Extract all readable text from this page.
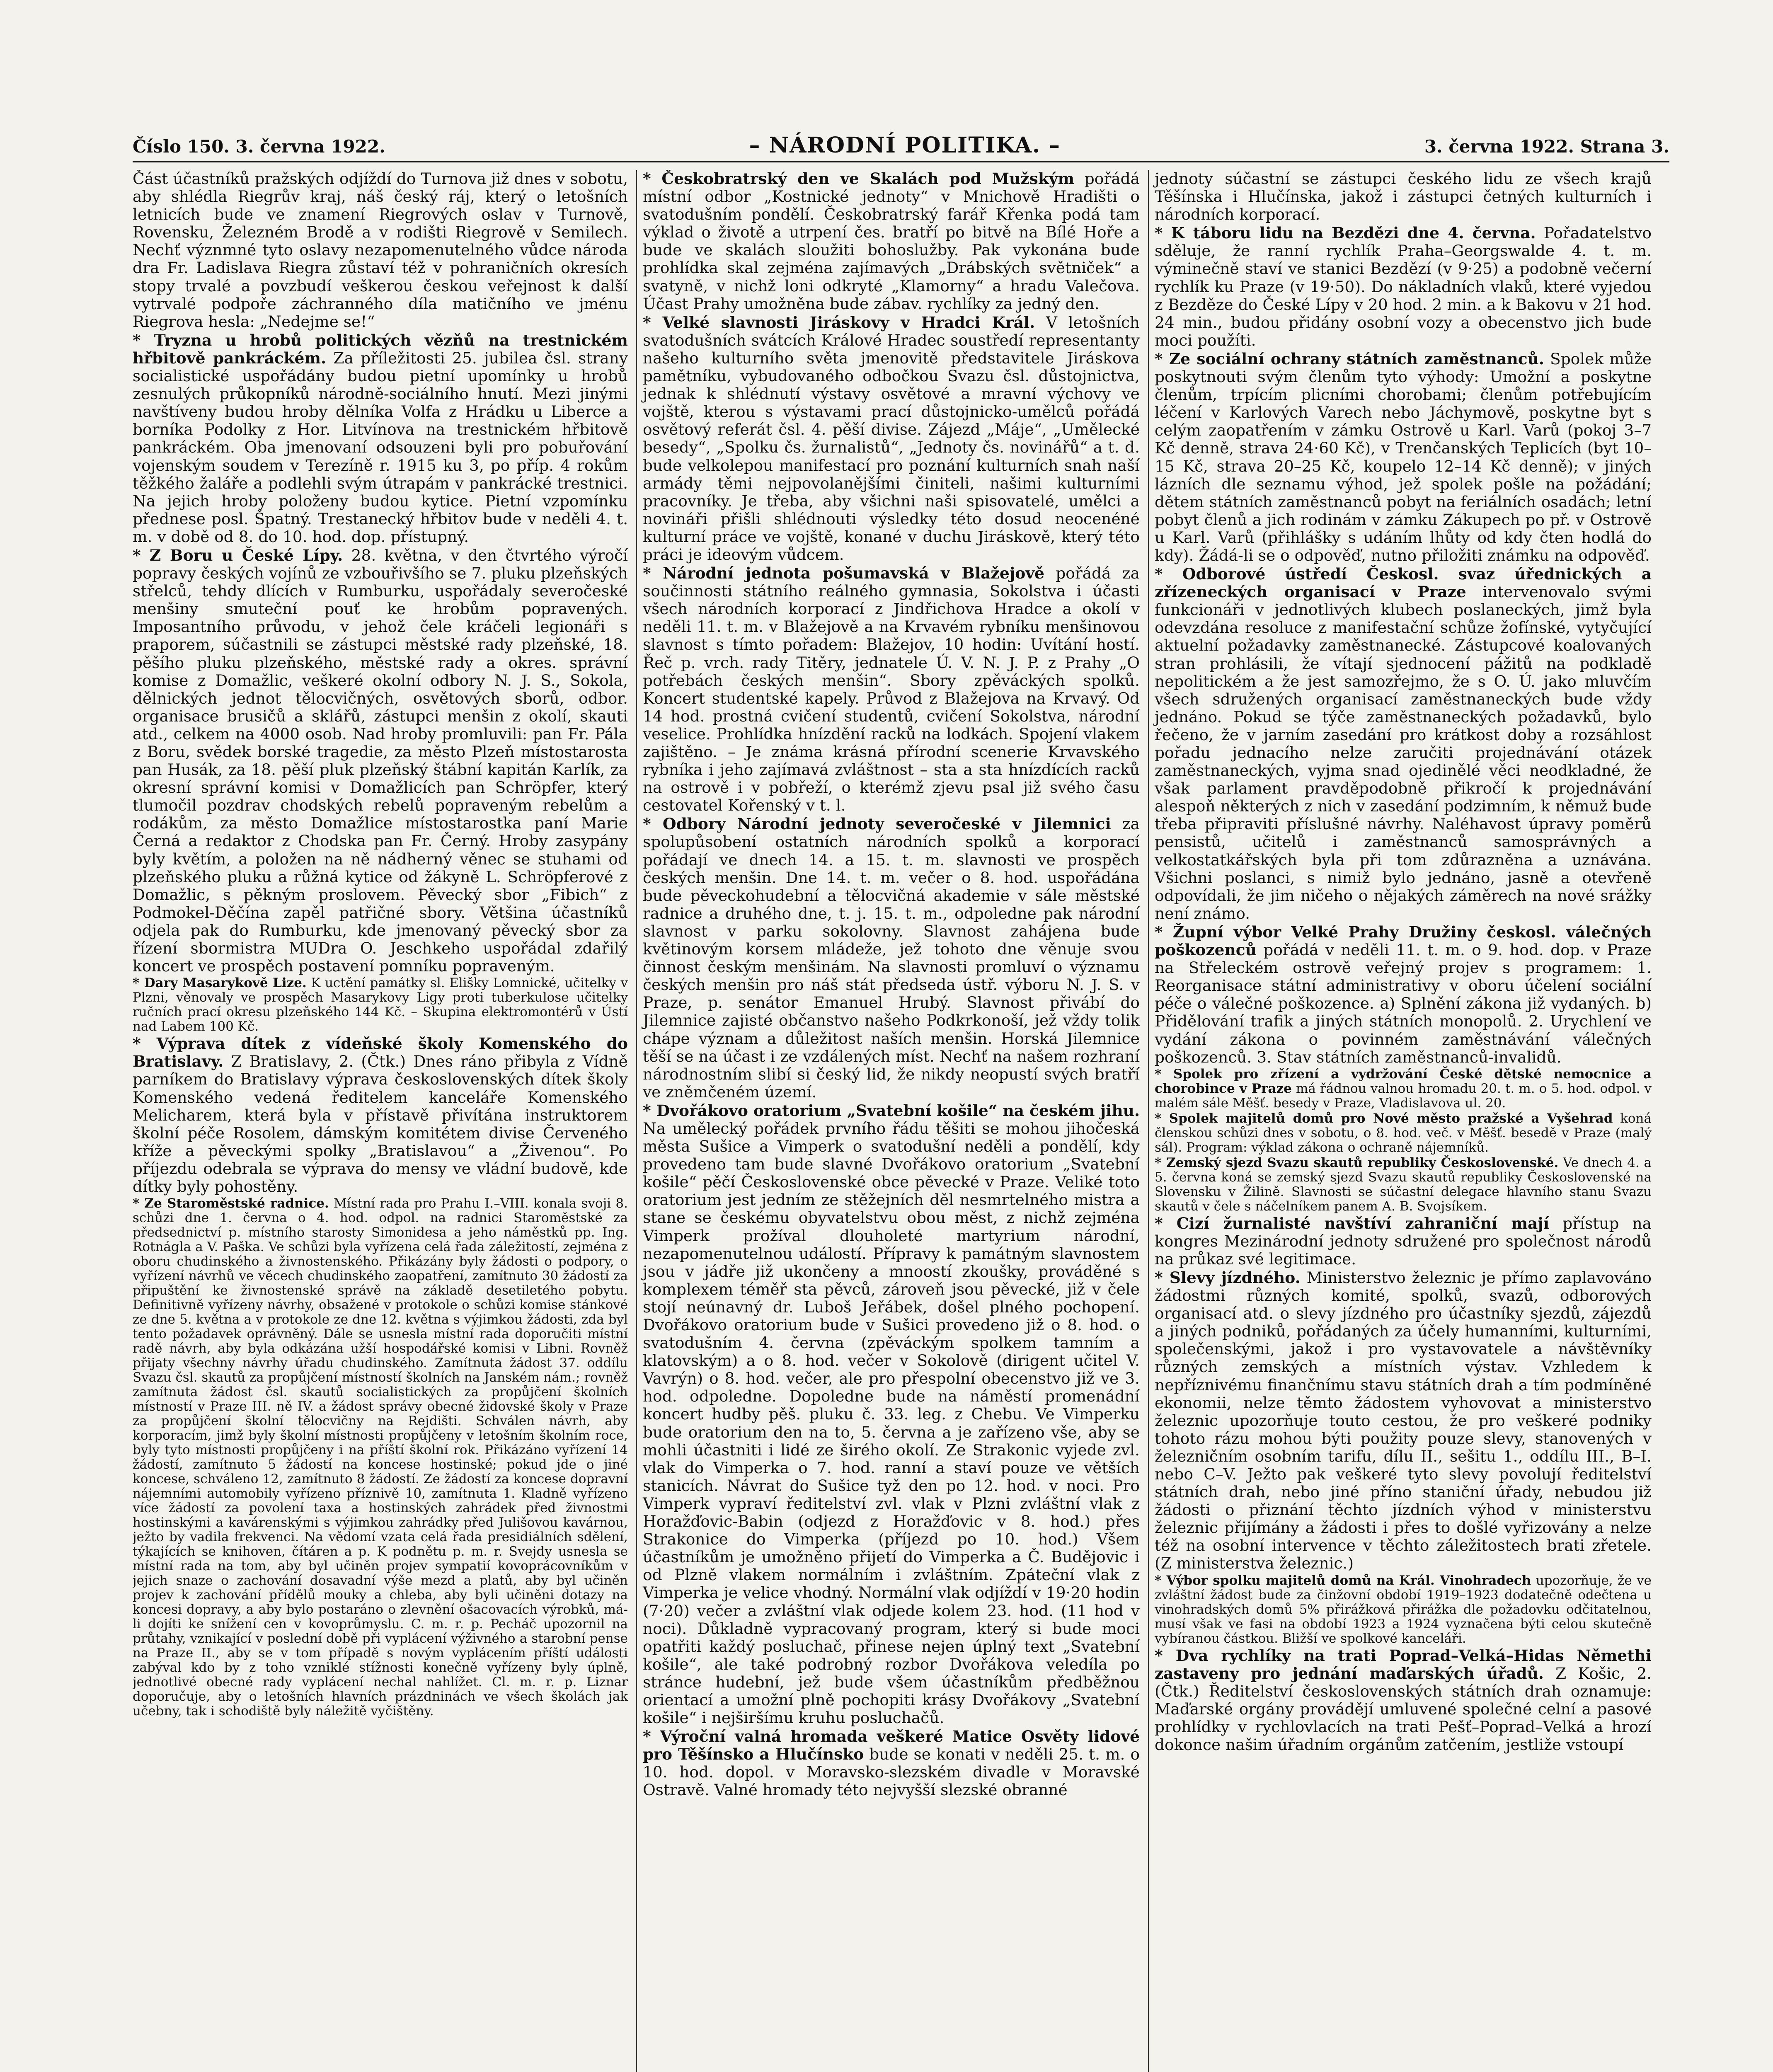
Číslo 150. 3. června 1922.	– NÁRODNÍ POLITIKA. –	3. června 1922. Strana 3.

Část účastníků pražských odjíždí do Turnova již dnes v sobotu, aby shlédla Riegrův kraj, náš český ráj, který o letošních letnicích bude ve znamení Riegrových oslav v Turnově, Rovensku, Železném Brodě a v rodišti Riegrově v Semilech. Nechť význmné tyto oslavy nezapomenutelného vůdce národa dra Fr. Ladislava Riegra zůstaví též v pohraničních okresích stopy trvalé a povzbudí veškerou českou veřejnost k další vytrvalé podpoře záchranného díla matičního ve jménu Riegrova hesla: „Nedejme se!“

* Tryzna u hrobů politických vězňů na trestnickém hřbitově pankráckém. Za příležitosti 25. jubilea čsl. strany socialistické uspořádány budou pietní upomínky u hrobů zesnulých průkopníků národně-sociálního hnutí. Mezi jinými navštíveny budou hroby dělníka Volfa z Hrádku u Liberce a borníka Podolky z Hor. Litvínova na trestnickém hřbitově pankráckém. Oba jmenovaní odsouzeni byli pro pobuřování vojenským soudem v Terezíně r. 1915 ku 3, po příp. 4 rokům těžkého žaláře a podlehli svým útrapám v pankrácké trestnici. Na jejich hroby položeny budou kytice. Pietní vzpomínku přednese posl. Špatný. Trestanecký hřbitov bude v neděli 4. t. m. v době od 8. do 10. hod. dop. přístupný.

* Z Boru u České Lípy. 28. května, v den čtvrtého výročí popravy českých vojínů ze vzbouřivšího se 7. pluku plzeňských střelců, tehdy dlících v Rumburku, uspořádaly severočeské menšiny smuteční pouť ke hrobům popravených. Imposantního průvodu, v jehož čele kráčeli legionáři s praporem, súčastnili se zástupci městské rady plzeňské, 18. pěšího pluku plzeňského, městské rady a okres. správní komise z Domažlic, veškeré okolní odbory N. J. S., Sokola, dělnických jednot tělocvičných, osvětových sborů, odbor. organisace brusičů a sklářů, zástupci menšin z okolí, skauti atd., celkem na 4000 osob. Nad hroby promluvili: pan Fr. Pála z Boru, svědek borské tragedie, za město Plzeň místostarosta pan Husák, za 18. pěší pluk plzeňský štábní kapitán Karlík, za okresní správní komisi v Domažlicích pan Schröpfer, který tlumočil pozdrav chodských rebelů popraveným rebelům a rodákům, za město Domažlice místostarostka paní Marie Černá a redaktor z Chodska pan Fr. Černý. Hroby zasypány byly květím, a položen na ně nádherný věnec se stuhami od plzeňského pluku a růžná kytice od žákyně L. Schröpferové z Domažlic, s pěkným proslovem. Pěvecký sbor „Fibich“ z Podmokel-Děčína zapěl patřičné sbory. Většina účastníků odjela pak do Rumburku, kde jmenovaný pěvecký sbor za řízení sbormistra MUDra O. Jeschkeho uspořádal zdařilý koncert ve prospěch postavení pomníku popraveným.

* Dary Masarykově Lize. K uctění památky sl. Elišky Lomnické, učitelky v Plzni, věnovaly ve prospěch Masarykovy Ligy proti tuberkulose učitelky ručních prací okresu plzeňského 144 Kč. – Skupina elektromontérů v Ústí nad Labem 100 Kč.

* Výprava dítek z vídeňské školy Komenského do Bratislavy. Z Bratislavy, 2. (Čtk.) Dnes ráno přibyla z Vídně parníkem do Bratislavy výprava československých dítek školy Komenského vedená ředitelem kanceláře Komenského Melicharem, která byla v přístavě přivítána instruktorem školní péče Rosolem, dámským komitétem divise Červeného kříže a pěveckými spolky „Bratislavou“ a „Živenou“. Po příjezdu odebrala se výprava do mensy ve vládní budově, kde dítky byly pohostěny.

* Ze Staroměstské radnice. Místní rada pro Prahu I.–VIII. konala svoji 8. schůzi dne 1. června o 4. hod. odpol. na radnici Staroměstské za předsednictví p. místního starosty Simonidesa a jeho náměstků pp. Ing. Rotnágla a V. Paška. Ve schůzi byla vyřízena celá řada záležitostí, zejména z oboru chudinského a živnostenského. Přikázány byly žádosti o podpory, o vyřízení návrhů ve věcech chudinského zaopatření, zamítnuto 30 žádostí za připuštění ke živnostenské správě na základě desetiletého pobytu. Definitivně vyřízeny návrhy, obsažené v protokole o schůzi komise stánkové ze dne 5. května a v protokole ze dne 12. května s výjimkou žádosti, zda byl tento požadavek oprávněný. Dále se usnesla místní rada doporučiti místní radě návrh, aby byla odkázána užší hospodářské komisi v Libni. Rovněž přijaty všechny návrhy úřadu chudinského. Zamítnuta žádost 37. oddílu Svazu čsl. skautů za propůjčení místností školních na Janském nám.; rovněž zamítnuta žádost čsl. skautů socialistických za propůjčení školních místností v Praze III. ně IV. a žádost správy obecné židovské školy v Praze za propůjčení školní tělocvičny na Rejdišti. Schválen návrh, aby korporacím, jimž byly školní místnosti propůjčeny v letošním školním roce, byly tyto místnosti propůjčeny i na příští školní rok. Přikázáno vyřízení 14 žádostí, zamítnuto 5 žádostí na koncese hostinské; pokud jde o jiné koncese, schváleno 12, zamítnuto 8 žádostí. Ze žádostí za koncese dopravní nájemními automobily vyřízeno příznivě 10, zamítnuta 1. Kladně vyřízeno více žádostí za povolení taxa a hostinských zahrádek před živnostmi hostinskými a kavárenskými s výjimkou zahrádky před Julišovou kavárnou, ježto by vadila frekvenci. Na vědomí vzata celá řada presidiálních sdělení, týkajících se knihoven, čítáren a p. K podnětu p. m. r. Svejdy usnesla se místní rada na tom, aby byl učiněn projev sympatií kovoprácovníkům v jejich snaze o zachování dosavadní výše mezd a platů, aby byl učiněn projev k zachování přídělů mouky a chleba, aby byli učiněni dotazy na koncesi dopravy, a aby bylo postaráno o zlevnění ošacovacích výrobků, má-li dojíti ke snížení cen v kovoprůmyslu. C. m. r. p. Pecháč upozornil na průtahy, vznikající v poslední době při vyplácení výživného a starobní pense na Praze II., aby se v tom případě s novým vyplácením příští události zabýval kdo by z toho vzniklé stížnosti konečně vyřízeny byly úplně, jednotlivé obecné rady vyplácení nechal nahlížet. Cl. m. r. p. Liznar doporučuje, aby o letošních hlavních prázdninách ve všech školách jak učebny, tak i schodiště byly náležitě vyčištěny.

* Českobratrský den ve Skalách pod Mužským pořádá místní odbor „Kostnické jednoty“ v Mnichově Hradišti o svatodušním pondělí. Českobratrský farář Křenka podá tam výklad o životě a utrpení čes. bratří po bitvě na Bílé Hoře a bude ve skalách sloužiti bohoslužby. Pak vykonána bude prohlídka skal zejména zajímavých „Drábských světniček“ a svatyně, v nichž loni odkryté „Klamorny“ a hradu Valečova. Účast Prahy umožněna bude zábav. rychlíky za jedný den.

* Velké slavnosti Jiráskovy v Hradci Král. V letošních svatodušních svátcích Králové Hradec soustředí representanty našeho kulturního světa jmenovitě představitele Jiráskova pamětníku, vybudovaného odbočkou Svazu čsl. důstojnictva, jednak k shlédnutí výstavy osvětové a mravní výchovy ve vojště, kterou s výstavami prací důstojnicko-umělců pořádá osvětový referát čsl. 4. pěší divise. Zájezd „Máje“, „Umělecké besedy“, „Spolku čs. žurnalistů“, „Jednoty čs. novinářů“ a t. d. bude velkolepou manifestací pro poznání kulturních snah naší armády těmi nejpovolanějšími činiteli, našimi kulturními pracovníky. Je třeba, aby všichni naši spisovatelé, umělci a novináři přišli shlédnouti výsledky této dosud neocenéné kulturní práce ve vojště, konané v duchu Jiráskově, který této práci je ideovým vůdcem.

* Národní jednota pošumavská v Blažejově pořádá za součinnosti státního reálného gymnasia, Sokolstva i účasti všech národních korporací z Jindřichova Hradce a okolí v neděli 11. t. m. v Blažejově a na Krvavém rybníku menšinovou slavnost s tímto pořadem: Blažejov, 10 hodin: Uvítání hostí. Řeč p. vrch. rady Titěry, jednatele Ú. V. N. J. P. z Prahy „O potřebách českých menšin“. Sbory zpěváckých spolků. Koncert studentské kapely. Průvod z Blažejova na Krvavý. Od 14 hod. prostná cvičení studentů, cvičení Sokolstva, národní veselice. Prohlídka hnízdění racků na lodkách. Spojení vlakem zajištěno. – Je známa krásná přírodní scenerie Krvavského rybníka i jeho zajímavá zvláštnost – sta a sta hnízdících racků na ostrově i v pobřeží, o kterémž zjevu psal již svého času cestovatel Kořenský v t. l.

* Odbory Národní jednoty severočeské v Jilemnici za spolupůsobení ostatních národních spolků a korporací pořádají ve dnech 14. a 15. t. m. slavnosti ve prospěch českých menšin. Dne 14. t. m. večer o 8. hod. uspořádána bude pěveckohudební a tělocvičná akademie v sále městské radnice a druhého dne, t. j. 15. t. m., odpoledne pak národní slavnost v parku sokolovny. Slavnost zahájena bude květinovým korsem mládeže, jež tohoto dne věnuje svou činnost českým menšinám. Na slavnosti promluví o významu českých menšin pro náš stát předseda ústř. výboru N. J. S. v Praze, p. senátor Emanuel Hrubý. Slavnost přivábí do Jilemnice zajisté občanstvo našeho Podkrkonoší, jež vždy tolik chápe význam a důležitost naších menšin. Horská Jilemnice těší se na účast i ze vzdálených míst. Nechť na našem rozhraní národnostním slibí si český lid, že nikdy neopustí svých bratří ve zněmčeném území.

* Dvořákovo oratorium „Svatební košile“ na českém jihu. Na umělecký pořádek prvního řádu těšiti se mohou jihočeská města Sušice a Vimperk o svatodušní neděli a pondělí, kdy provedeno tam bude slavné Dvořákovo oratorium „Svatební košile“ pěčí Československé obce pěvecké v Praze. Veliké toto oratorium jest jedním ze stěžejních děl nesmrtelného mistra a stane se českému obyvatelstvu obou měst, z nichž zejména Vimperk prožíval dlouholeté martyrium národní, nezapomenutelnou událostí. Přípravy k památným slavnostem jsou v jádře již ukončeny a mnoostí zkoušky, prováděné s komplexem téměř sta pěvců, zároveň jsou pěvecké, již v čele stojí neúnavný dr. Luboš Jeřábek, došel plného pochopení. Dvořákovo oratorium bude v Sušici provedeno již o 8. hod. o svatodušním 4. června (zpěváckým spolkem tamním a klatovským) a o 8. hod. večer v Sokolově (dirigent učitel V. Vavrýn) o 8. hod. večer, ale pro přespolní obecenstvo již ve 3. hod. odpoledne. Dopoledne bude na náměstí promenádní koncert hudby pěš. pluku č. 33. leg. z Chebu. Ve Vimperku bude oratorium den na to, 5. června a je zařízeno vše, aby se mohli účastniti i lidé ze širého okolí. Ze Strakonic vyjede zvl. vlak do Vimperka o 7. hod. ranní a staví pouze ve větších stanicích. Návrat do Sušice tyž den po 12. hod. v noci. Pro Vimperk vypraví ředitelství zvl. vlak v Plzni zvláštní vlak z Horažďovic-Babin (odjezd z Horažďovic v 8. hod.) přes Strakonice do Vimperka (příjezd po 10. hod.) Všem účastníkům je umožněno přijetí do Vimperka a Č. Budějovic i od Plzně vlakem normálním i zvláštním. Zpáteční vlak z Vimperka je velice vhodný. Normální vlak odjíždí v 19·20 hodin (7·20) večer a zvláštní vlak odjede kolem 23. hod. (11 hod v noci). Důkladně vypracovaný program, který si bude moci opatřiti každý posluchač, přinese nejen úplný text „Svatební košile“, ale také podrobný rozbor Dvořákova veledíla po stránce hudební, jež bude všem účastníkům předběžnou orientací a umožní plně pochopiti krásy Dvořákovy „Svatební košile“ i nejširšímu kruhu posluchačů.

* Výroční valná hromada veškeré Matice Osvěty lidové pro Těšínsko a Hlučínsko bude se konati v neděli 25. t. m. o 10. hod. dopol. v Moravsko-slezském divadle v Moravské Ostravě. Valné hromady této nejvyšší slezské obranné

jednoty súčastní se zástupci českého lidu ze všech krajů Těšínska i Hlučínska, jakož i zástupci četných kulturních i národních korporací.

* K táboru lidu na Bezdězi dne 4. června. Pořadatelstvo sděluje, že ranní rychlík Praha–Georgswalde 4. t. m. výminečně staví ve stanici Bezdězí (v 9·25) a podobně večerní rychlík ku Praze (v 19·50). Do nákladních vlaků, které vyjedou z Bezděze do České Lípy v 20 hod. 2 min. a k Bakovu v 21 hod. 24 min., budou přidány osobní vozy a obecenstvo jich bude moci použíti.

* Ze sociální ochrany státních zaměstnanců. Spolek může poskytnouti svým členům tyto výhody: Umožní a poskytne členům, trpícím plicními chorobami; členům potřebujícím léčení v Karlových Varech nebo Jáchymově, poskytne byt s celým zaopatřením v zámku Ostrově u Karl. Varů (pokoj 3–7 Kč denně, strava 24·60 Kč), v Trenčanských Teplicích (byt 10–15 Kč, strava 20–25 Kč, koupelo 12–14 Kč denně); v jiných lázních dle seznamu výhod, jež spolek pošle na požádání; dětem státních zaměstnanců pobyt na feriálních osadách; letní pobyt členů a jich rodinám v zámku Zákupech po př. v Ostrově u Karl. Varů (přihlášky s udáním lhůty od kdy čten hodlá do kdy). Žádá-li se o odpověď, nutno přiložiti známku na odpověď.

* Odborové ústředí Českosl. svaz úřednických a zřízeneckých organisací v Praze intervenovalo svými funkcionáři v jednotlivých klubech poslaneckých, jimž byla odevzdána resoluce z manifestační schůze žofínské, vytyčující aktuelní požadavky zaměstnanecké. Zástupcové koalovaných stran prohlásili, že vítají sjednocení pážitů na podkladě nepolitickém a že jest samozřejmo, že s O. Ú. jako mluvčím všech sdružených organisací zaměstnaneckých bude vždy jednáno. Pokud se týče zaměstnaneckých požadavků, bylo řečeno, že v jarním zasedání pro krátkost doby a rozsáhlost pořadu jednacího nelze zaručiti projednávání otázek zaměstnaneckých, vyjma snad ojedinělé věci neodkladné, že však parlament pravděpodobně přikročí k projednávání alespoň některých z nich v zasedání podzimním, k němuž bude třeba připraviti příslušné návrhy. Naléhavost úpravy poměrů pensistů, učitelů i zaměstnanců samosprávných a velkostatkářských byla při tom zdůrazněna a uznávána. Všichni poslanci, s nimiž bylo jednáno, jasně a otevřeně odpovídali, že jim ničeho o nějakých záměrech na nové srážky není známo.

* Župní výbor Velké Prahy Družiny českosl. válečných poškozenců pořádá v neděli 11. t. m. o 9. hod. dop. v Praze na Střeleckém ostrově veřejný projev s programem: 1. Reorganisace státní administrativy v oboru účelení sociální péče o válečné poškozence. a) Splnění zákona již vydaných. b) Přidělování trafik a jiných státních monopolů. 2. Urychlení ve vydání zákona o povinném zaměstnávání válečných poškozenců. 3. Stav státních zaměstnanců-invalidů.

* Spolek pro zřízení a vydržování České dětské nemocnice a chorobince v Praze má řádnou valnou hromadu 20. t. m. o 5. hod. odpol. v malém sále Měšť. besedy v Praze, Vladislavova ul. 20.

* Spolek majitelů domů pro Nové město pražské a Vyšehrad koná členskou schůzi dnes v sobotu, o 8. hod. več. v Měšť. besedě v Praze (malý sál). Program: výklad zákona o ochraně nájemníků.

* Zemský sjezd Svazu skautů republiky Československé. Ve dnech 4. a 5. června koná se zemský sjezd Svazu skautů republiky Československé na Slovensku v Žilině. Slavnosti se súčastní delegace hlavního stanu Svazu skautů v čele s náčelníkem panem A. B. Svojsíkem.

* Cizí žurnalisté navštíví zahraniční mají přístup na kongres Mezinárodní jednoty sdružené pro společnost národů na průkaz své legitimace.

* Slevy jízdného. Ministerstvo železnic je přímo zaplavováno žádostmi různých komité, spolků, svazů, odborových organisací atd. o slevy jízdného pro účastníky sjezdů, zájezdů a jiných podniků, pořádaných za účely humanními, kulturními, společenskými, jakož i pro vystavovatele a návštěvníky různých zemských a místních výstav. Vzhledem k nepříznivému finančnímu stavu státních drah a tím podmíněné ekonomii, nelze těmto žádostem vyhovovat a ministerstvo železnic upozorňuje touto cestou, že pro veškeré podniky tohoto rázu mohou býti použity pouze slevy, stanovených v železničním osobním tarifu, dílu II., sešitu 1., oddílu III., B–I. nebo C–V. Ježto pak veškeré tyto slevy povolují ředitelství státních drah, nebo jiné příno staniční úřady, nebudou již žádosti o přiznání těchto jízdních výhod v ministerstvu železnic přijímány a žádosti i přes to došlé vyřizovány a nelze též na osobní intervence v těchto záležitostech brati zřetele. (Z ministerstva železnic.)

* Výbor spolku majitelů domů na Král. Vinohradech upozorňuje, že ve zvláštní žádost bude za činžovní období 1919–1923 dodatečně odečtena u vinohradských domů 5% přirážková přirážka dle požadovku odčitatelnou, musí však ve fasi na období 1923 a 1924 vyznačena býti celou skutečně vybíranou částkou. Bližší ve spolkové kanceláři.

* Dva rychlíky na trati Poprad–Velká–Hidas Němethi zastaveny pro jednání maďarských úřadů. Z Košic, 2. (Čtk.) Ředitelství československých státních drah oznamuje: Maďarské orgány provádějí umluvené společné celní a pasové prohlídky v rychlovlacích na trati Pešť–Poprad–Velká a hrozí dokonce našim úřadním orgánům zatčením, jestliže vstoupí
